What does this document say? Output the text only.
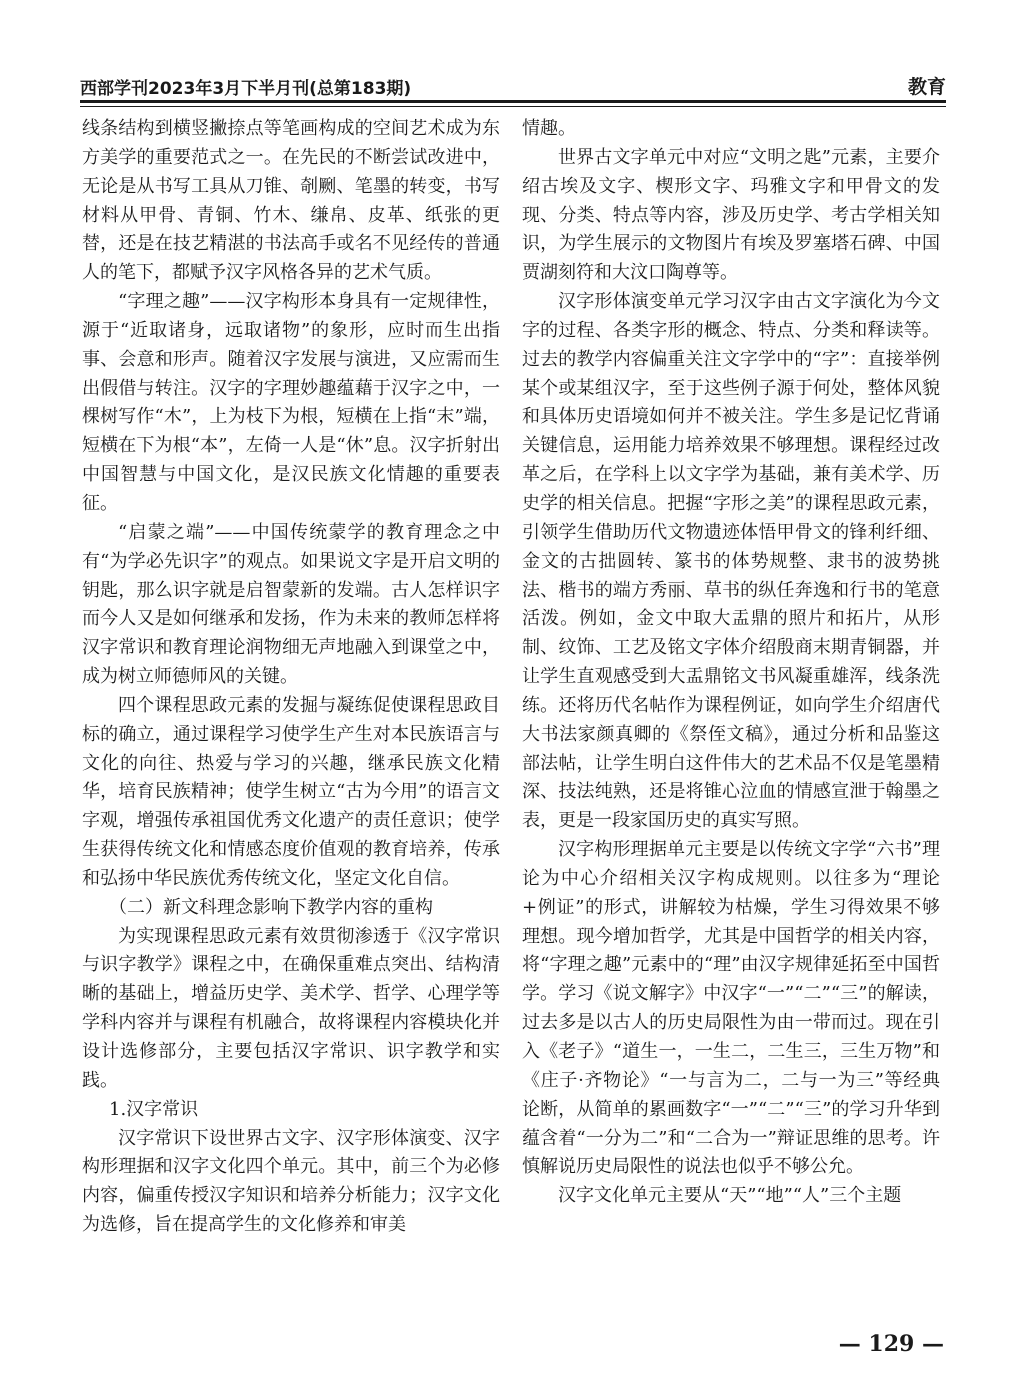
西部学刊2023年3月下半月刊(总第183期)	教育

线条结构到横竖撇捺点等笔画构成的空间艺术成为东方美学的重要范式之一。在先民的不断尝试改进中，无论是从书写工具从刀锥、剞劂、笔墨的转变，书写材料从甲骨、青铜、竹木、缣帛、皮革、纸张的更替，还是在技艺精湛的书法高手或名不见经传的普通人的笔下，都赋予汉字风格各异的艺术气质。

“字理之趣”——汉字构形本身具有一定规律性，源于“近取诸身，远取诸物”的象形，应时而生出指事、会意和形声。随着汉字发展与演进，又应需而生出假借与转注。汉字的字理妙趣蕴藉于汉字之中，一棵树写作“木”，上为枝下为根，短横在上指“末”端，短横在下为根“本”，左倚一人是“休”息。汉字折射出中国智慧与中国文化，是汉民族文化情趣的重要表征。

“启蒙之端”——中国传统蒙学的教育理念之中有“为学必先识字”的观点。如果说文字是开启文明的钥匙，那么识字就是启智蒙新的发端。古人怎样识字而今人又是如何继承和发扬，作为未来的教师怎样将汉字常识和教育理论润物细无声地融入到课堂之中，成为树立师德师风的关键。

四个课程思政元素的发掘与凝练促使课程思政目标的确立，通过课程学习使学生产生对本民族语言与文化的向往、热爱与学习的兴趣，继承民族文化精华，培育民族精神；使学生树立“古为今用”的语言文字观，增强传承祖国优秀文化遗产的责任意识；使学生获得传统文化和情感态度价值观的教育培养，传承和弘扬中华民族优秀传统文化，坚定文化自信。

（二）新文科理念影响下教学内容的重构

为实现课程思政元素有效贯彻渗透于《汉字常识与识字教学》课程之中，在确保重难点突出、结构清晰的基础上，增益历史学、美术学、哲学、心理学等学科内容并与课程有机融合，故将课程内容模块化并设计选修部分，主要包括汉字常识、识字教学和实践。

1.汉字常识

汉字常识下设世界古文字、汉字形体演变、汉字构形理据和汉字文化四个单元。其中，前三个为必修内容，偏重传授汉字知识和培养分析能力；汉字文化为选修，旨在提高学生的文化修养和审美

情趣。

世界古文字单元中对应“文明之匙”元素，主要介绍古埃及文字、楔形文字、玛雅文字和甲骨文的发现、分类、特点等内容，涉及历史学、考古学相关知识，为学生展示的文物图片有埃及罗塞塔石碑、中国贾湖刻符和大汶口陶尊等。

汉字形体演变单元学习汉字由古文字演化为今文字的过程、各类字形的概念、特点、分类和释读等。过去的教学内容偏重关注文字学中的“字”：直接举例某个或某组汉字，至于这些例子源于何处，整体风貌和具体历史语境如何并不被关注。学生多是记忆背诵关键信息，运用能力培养效果不够理想。课程经过改革之后，在学科上以文字学为基础，兼有美术学、历史学的相关信息。把握“字形之美”的课程思政元素，引领学生借助历代文物遗迹体悟甲骨文的锋利纤细、金文的古拙圆转、篆书的体势规整、隶书的波势挑法、楷书的端方秀丽、草书的纵任奔逸和行书的笔意活泼。例如，金文中取大盂鼎的照片和拓片，从形制、纹饰、工艺及铭文字体介绍殷商末期青铜器，并让学生直观感受到大盂鼎铭文书风凝重雄浑，线条洗练。还将历代名帖作为课程例证，如向学生介绍唐代大书法家颜真卿的《祭侄文稿》，通过分析和品鉴这部法帖，让学生明白这件伟大的艺术品不仅是笔墨精深、技法纯熟，还是将锥心泣血的情感宣泄于翰墨之表，更是一段家国历史的真实写照。

汉字构形理据单元主要是以传统文字学“六书”理论为中心介绍相关汉字构成规则。以往多为“理论+例证”的形式，讲解较为枯燥，学生习得效果不够理想。现今增加哲学，尤其是中国哲学的相关内容，将“字理之趣”元素中的“理”由汉字规律延拓至中国哲学。学习《说文解字》中汉字“一”“二”“三”的解读，过去多是以古人的历史局限性为由一带而过。现在引入《老子》“道生一，一生二，二生三，三生万物”和《庄子·齐物论》“一与言为二，二与一为三”等经典论断，从简单的累画数字“一”“二”“三”的学习升华到蕴含着“一分为二”和“二合为一”辩证思维的思考。许慎解说历史局限性的说法也似乎不够公允。

汉字文化单元主要从“天”“地”“人”三个主题

— 129 —
